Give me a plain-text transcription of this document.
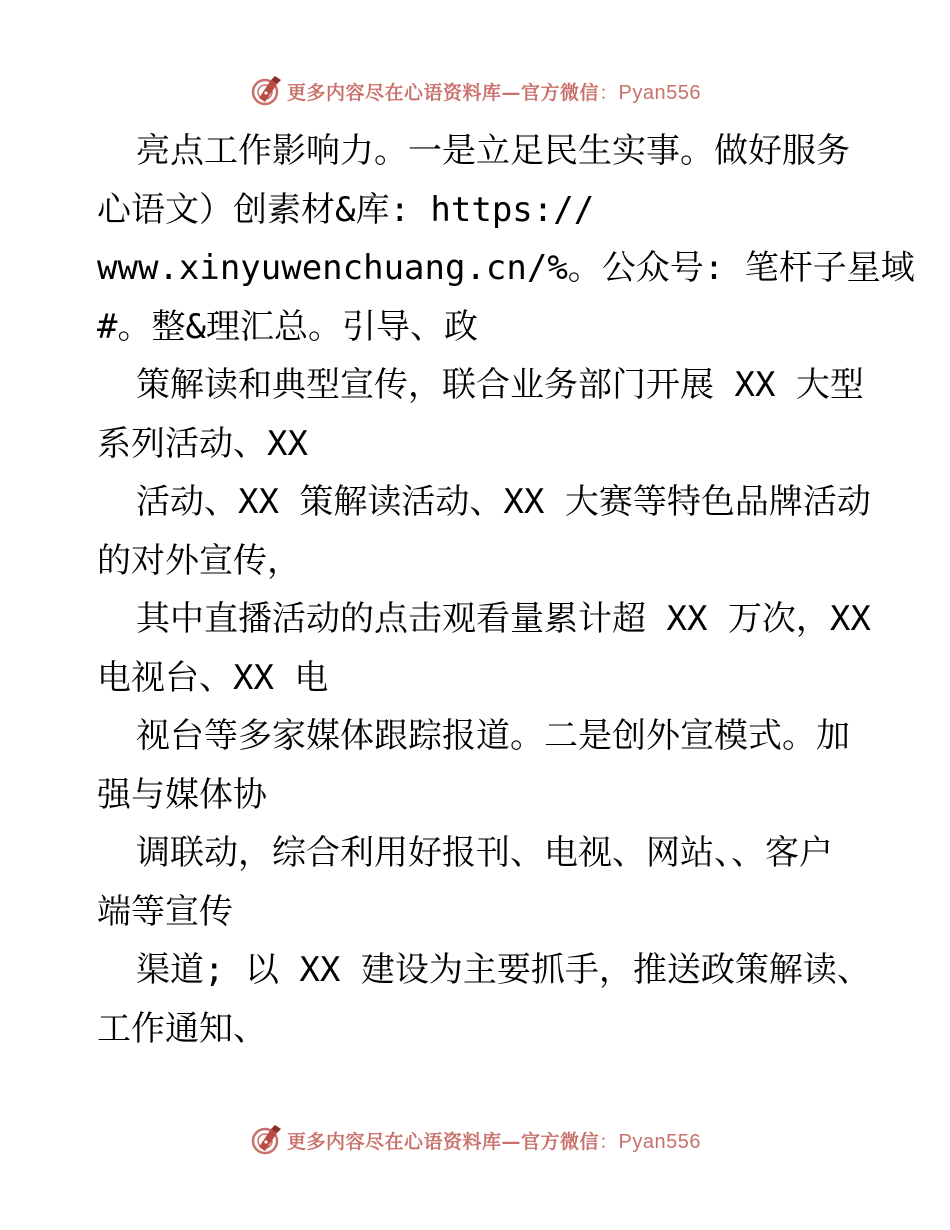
更多内容尽在心语资料库—官方微信：Pyan556
亮点工作影响力。一是立足民生实事。做好服务
心语文）创素材&库: https://
www.xinyuwenchuang.cn/%。公众号: 笔杆子星域
#。整&理汇总。引导、政
策解读和典型宣传，联合业务部门开展 XX 大型
系列活动、XX
活动、XX 策解读活动、XX 大赛等特色品牌活动
的对外宣传，
其中直播活动的点击观看量累计超 XX 万次，XX
电视台、XX 电
视台等多家媒体跟踪报道。二是创外宣模式。加
强与媒体协
调联动，综合利用好报刊、电视、网站、、客户
端等宣传
渠道; 以 XX 建设为主要抓手，推送政策解读、
工作通知、
更多内容尽在心语资料库—官方微信：Pyan556
